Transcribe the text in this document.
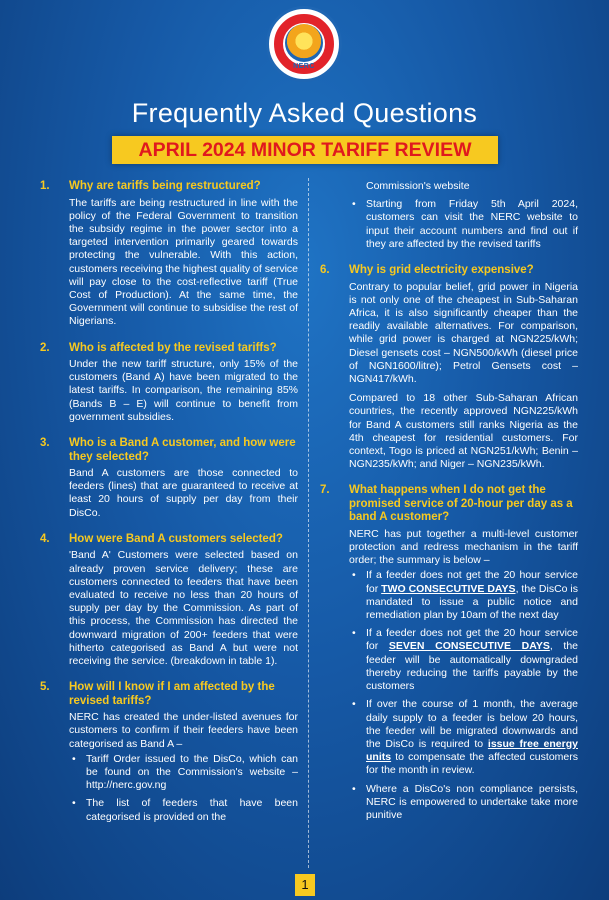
NERC
Frequently Asked Questions
APRIL 2024 MINOR TARIFF REVIEW
1. Why are tariffs being restructured?
The tariffs are being restructured in line with the policy of the Federal Government to transition the subsidy regime in the power sector into a targeted intervention primarily geared towards protecting the vulnerable. With this action, customers receiving the highest quality of service will pay close to the cost-reflective tariff (True Cost of Production). At the same time, the Government will continue to subsidise the rest of Nigerians.
2. Who is affected by the revised tariffs?
Under the new tariff structure, only 15% of the customers (Band A) have been migrated to the latest tariffs. In comparison, the remaining 85% (Bands B – E) will continue to benefit from government subsidies.
3. Who is a Band A customer, and how were they selected?
Band A customers are those connected to feeders (lines) that are guaranteed to receive at least 20 hours of supply per day from their DisCo.
4. How were Band A customers selected?
'Band A' Customers were selected based on already proven service delivery; these are customers connected to feeders that have been evaluated to receive no less than 20 hours of supply per day by the Commission. As part of this process, the Commission has directed the downward migration of 200+ feeders that were hitherto categorised as Band A but were not receiving the service. (breakdown in table 1).
5. How will I know if I am affected by the revised tariffs?
NERC has created the under-listed avenues for customers to confirm if their feeders have been categorised as Band A –
• Tariff Order issued to the DisCo, which can be found on the Commission's website – http://nerc.gov.ng
• The list of feeders that have been categorised is provided on the
Commission's website
• Starting from Friday 5th April 2024, customers can visit the NERC website to input their account numbers and find out if they are affected by the revised tariffs
6. Why is grid electricity expensive?
Contrary to popular belief, grid power in Nigeria is not only one of the cheapest in Sub-Saharan Africa, it is also significantly cheaper than the readily available alternatives. For comparison, while grid power is charged at NGN225/kWh; Diesel gensets cost – NGN500/kWh (diesel price of NGN1600/litre); Petrol Gensets cost – NGN417/kWh.
Compared to 18 other Sub-Saharan African countries, the recently approved NGN225/kWh for Band A customers still ranks Nigeria as the 4th cheapest for residential customers. For context, Togo is priced at NGN251/kWh; Benin – NGN235/kWh; and Niger – NGN235/kWh.
7. What happens when I do not get the promised service of 20-hour per day as a band A customer?
NERC has put together a multi-level customer protection and redress mechanism in the tariff order; the summary is below –
• If a feeder does not get the 20 hour service for TWO CONSECUTIVE DAYS, the DisCo is mandated to issue a public notice and remediation plan by 10am of the next day
• If a feeder does not get the 20 hour service for SEVEN CONSECUTIVE DAYS, the feeder will be automatically downgraded thereby reducing the tariffs payable by the customers
• If over the course of 1 month, the average daily supply to a feeder is below 20 hours, the feeder will be migrated downwards and the DisCo is required to issue free energy units to compensate the affected customers for the month in review.
• Where a DisCo's non compliance persists, NERC is empowered to undertake take more punitive
1
